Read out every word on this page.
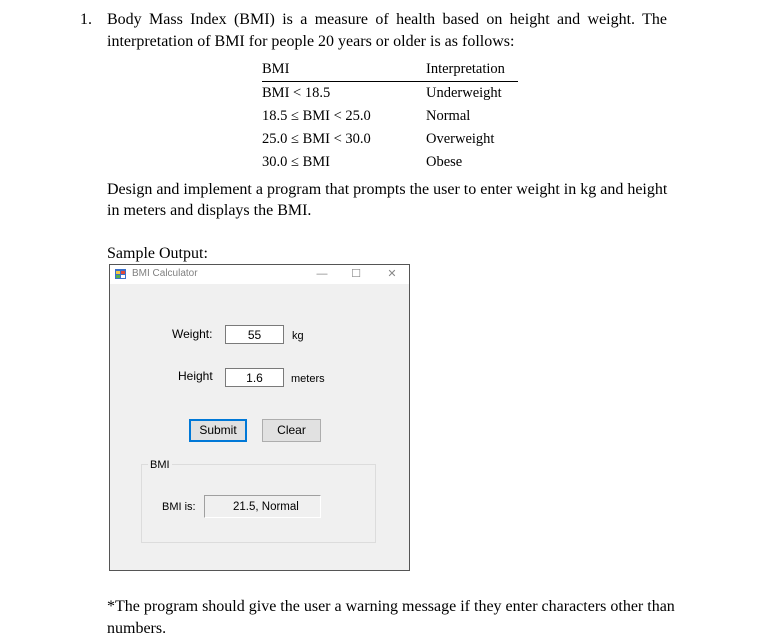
1. Body Mass Index (BMI) is a measure of health based on height and weight. The
interpretation of BMI for people 20 years or older is as follows:
BMI	Interpretation
BMI < 18.5	Underweight
18.5 ≤ BMI < 25.0	Normal
25.0 ≤ BMI < 30.0	Overweight
30.0 ≤ BMI	Obese
Design and implement a program that prompts the user to enter weight in kg and height
in meters and displays the BMI.
Sample Output:
BMI Calculator	—	☐	✕
Weight:	55	kg
Height	1.6	meters
Submit	Clear
BMI
BMI is:	21.5, Normal
*The program should give the user a warning message if they enter characters other than
numbers.
